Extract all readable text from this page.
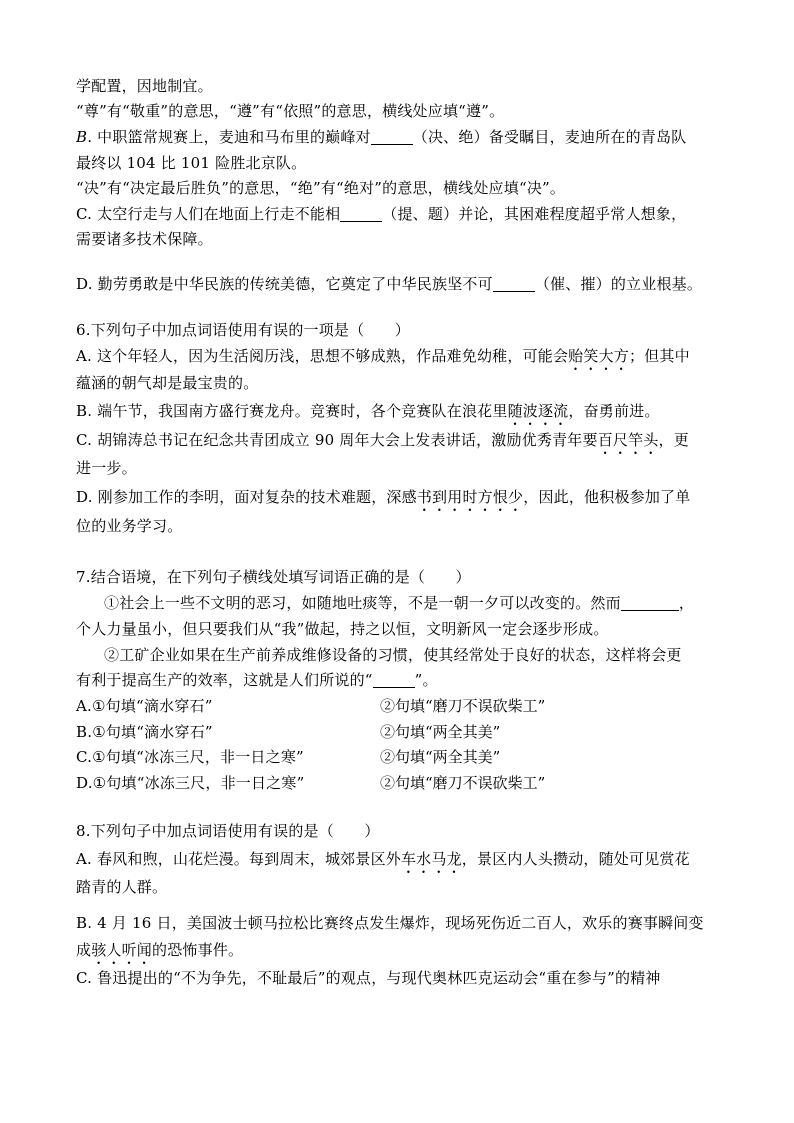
学配置，因地制宜。
“尊”有“敬重”的意思，“遵”有“依照”的意思，横线处应填“遵”。
B. 中职篮常规赛上，麦迪和马布里的巅峰对	（决、绝）备受瞩目，麦迪所在的青岛队
最终以 104 比 101 险胜北京队。
“决”有“决定最后胜负”的意思，“绝”有“绝对”的意思，横线处应填“决”。
C. 太空行走与人们在地面上行走不能相	（提、题）并论，其困难程度超乎常人想象，
需要诸多技术保障。
D. 勤劳勇敢是中华民族的传统美德，它奠定了中华民族坚不可	（催、摧）的立业根基。
6.下列句子中加点词语使用有误的一项是（　　）
A. 这个年轻人，因为生活阅历浅，思想不够成熟，作品难免幼稚，可能会贻笑大方；但其中
蕴涵的朝气却是最宝贵的。
B. 端午节，我国南方盛行赛龙舟。竞赛时，各个竞赛队在浪花里随波逐流，奋勇前进。
C. 胡锦涛总书记在纪念共青团成立 90 周年大会上发表讲话，激励优秀青年要百尺竿头，更
进一步。
D. 刚参加工作的李明，面对复杂的技术难题，深感书到用时方恨少，因此，他积极参加了单
位的业务学习。
7.结合语境，在下列句子横线处填写词语正确的是（　　）
①社会上一些不文明的恶习，如随地吐痰等，不是一朝一夕可以改变的。然而	，
个人力量虽小，但只要我们从“我”做起，持之以恒，文明新风一定会逐步形成。
②工矿企业如果在生产前养成维修设备的习惯，使其经常处于良好的状态，这样将会更
有利于提高生产的效率，这就是人们所说的“	”。
A.①句填“滴水穿石”	②句填“磨刀不误砍柴工”
B.①句填“滴水穿石”	②句填“两全其美”
C.①句填“冰冻三尺，非一日之寒”	②句填“两全其美”
D.①句填“冰冻三尺，非一日之寒”	②句填“磨刀不误砍柴工”
8.下列句子中加点词语使用有误的是（　　）
A. 春风和煦，山花烂漫。每到周末，城郊景区外车水马龙，景区内人头攒动，随处可见赏花
踏青的人群。
B. 4 月 16 日，美国波士顿马拉松比赛终点发生爆炸，现场死伤近二百人，欢乐的赛事瞬间变
成骇人听闻的恐怖事件。
C. 鲁迅提出的“不为争先，不耻最后”的观点，与现代奥林匹克运动会“重在参与”的精神
